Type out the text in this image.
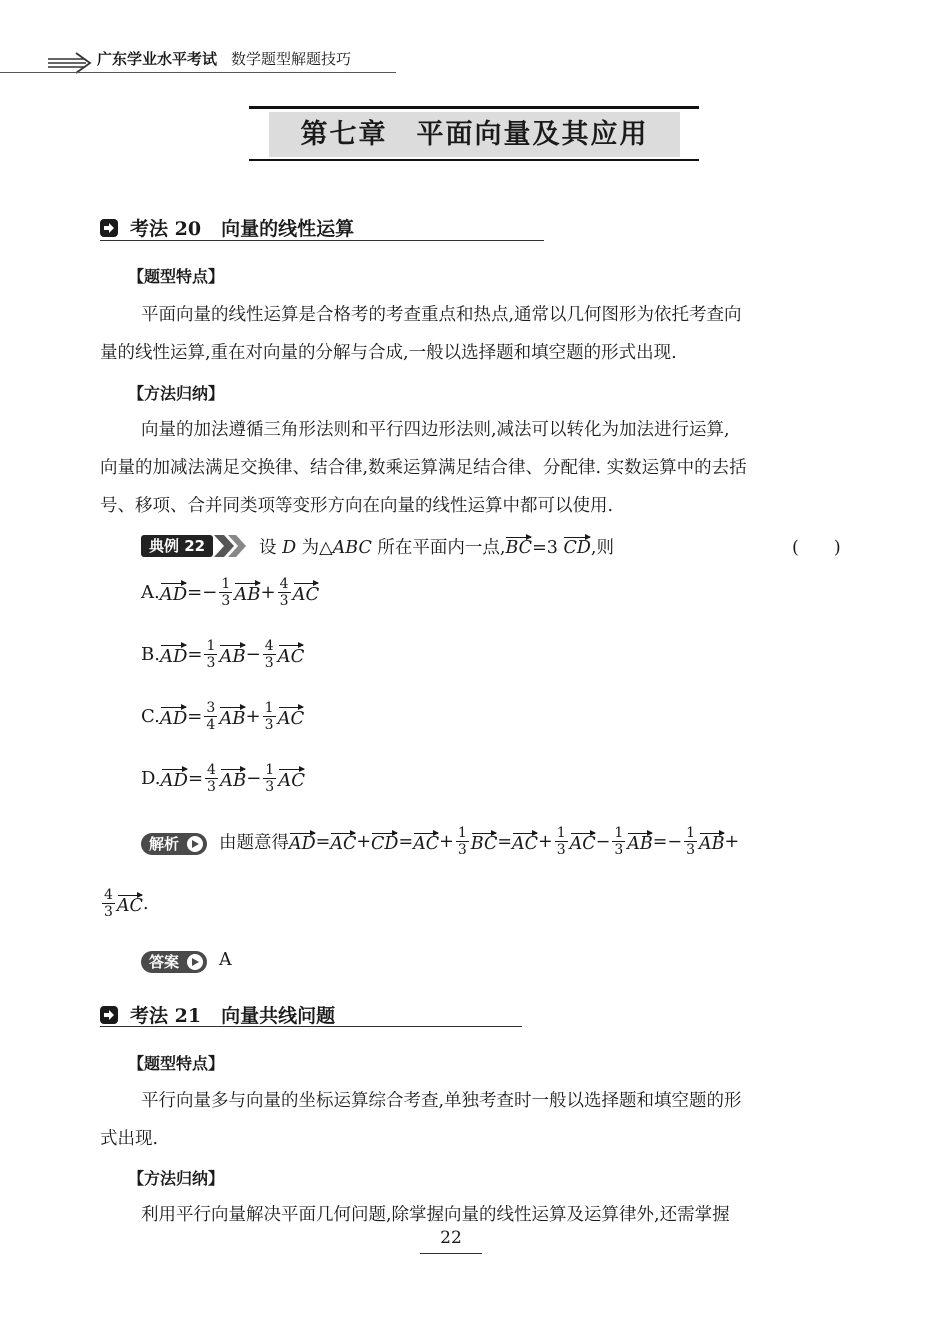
广东学业水平考试 数学题型解题技巧
第七章　平面向量及其应用
考法 20 向量的线性运算
【题型特点】
平面向量的线性运算是合格考的考查重点和热点,通常以几何图形为依托考查向
量的线性运算,重在对向量的分解与合成,一般以选择题和填空题的形式出现.
【方法归纳】
向量的加法遵循三角形法则和平行四边形法则,减法可以转化为加法进行运算,
向量的加减法满足交换律、结合律,数乘运算满足结合律、分配律. 实数运算中的去括
号、移项、合并同类项等变形方向在向量的线性运算中都可以使用.
典例 22	设 D 为△ABC 所在平面内一点,BC=3 CD,则	(　　)
A. AD =− $\frac{1}{3}$ AB + $\frac{4}{3}$ AC
B. AD = $\frac{1}{3}$ AB − $\frac{4}{3}$ AC
C. AD = $\frac{3}{4}$ AB + $\frac{1}{3}$ AC
D. AD = $\frac{4}{3}$ AB − $\frac{1}{3}$ AC
解析	由题意得 AD = AC + CD = AC + $\frac{1}{3}$ BC = AC + $\frac{1}{3}$ AC − $\frac{1}{3}$ AB =− $\frac{1}{3}$ AB +
$\frac{4}{3}$ AC .
答案	A
考法 21 向量共线问题
【题型特点】
平行向量多与向量的坐标运算综合考查,单独考查时一般以选择题和填空题的形
式出现.
【方法归纳】
利用平行向量解决平面几何问题,除掌握向量的线性运算及运算律外,还需掌握
22
